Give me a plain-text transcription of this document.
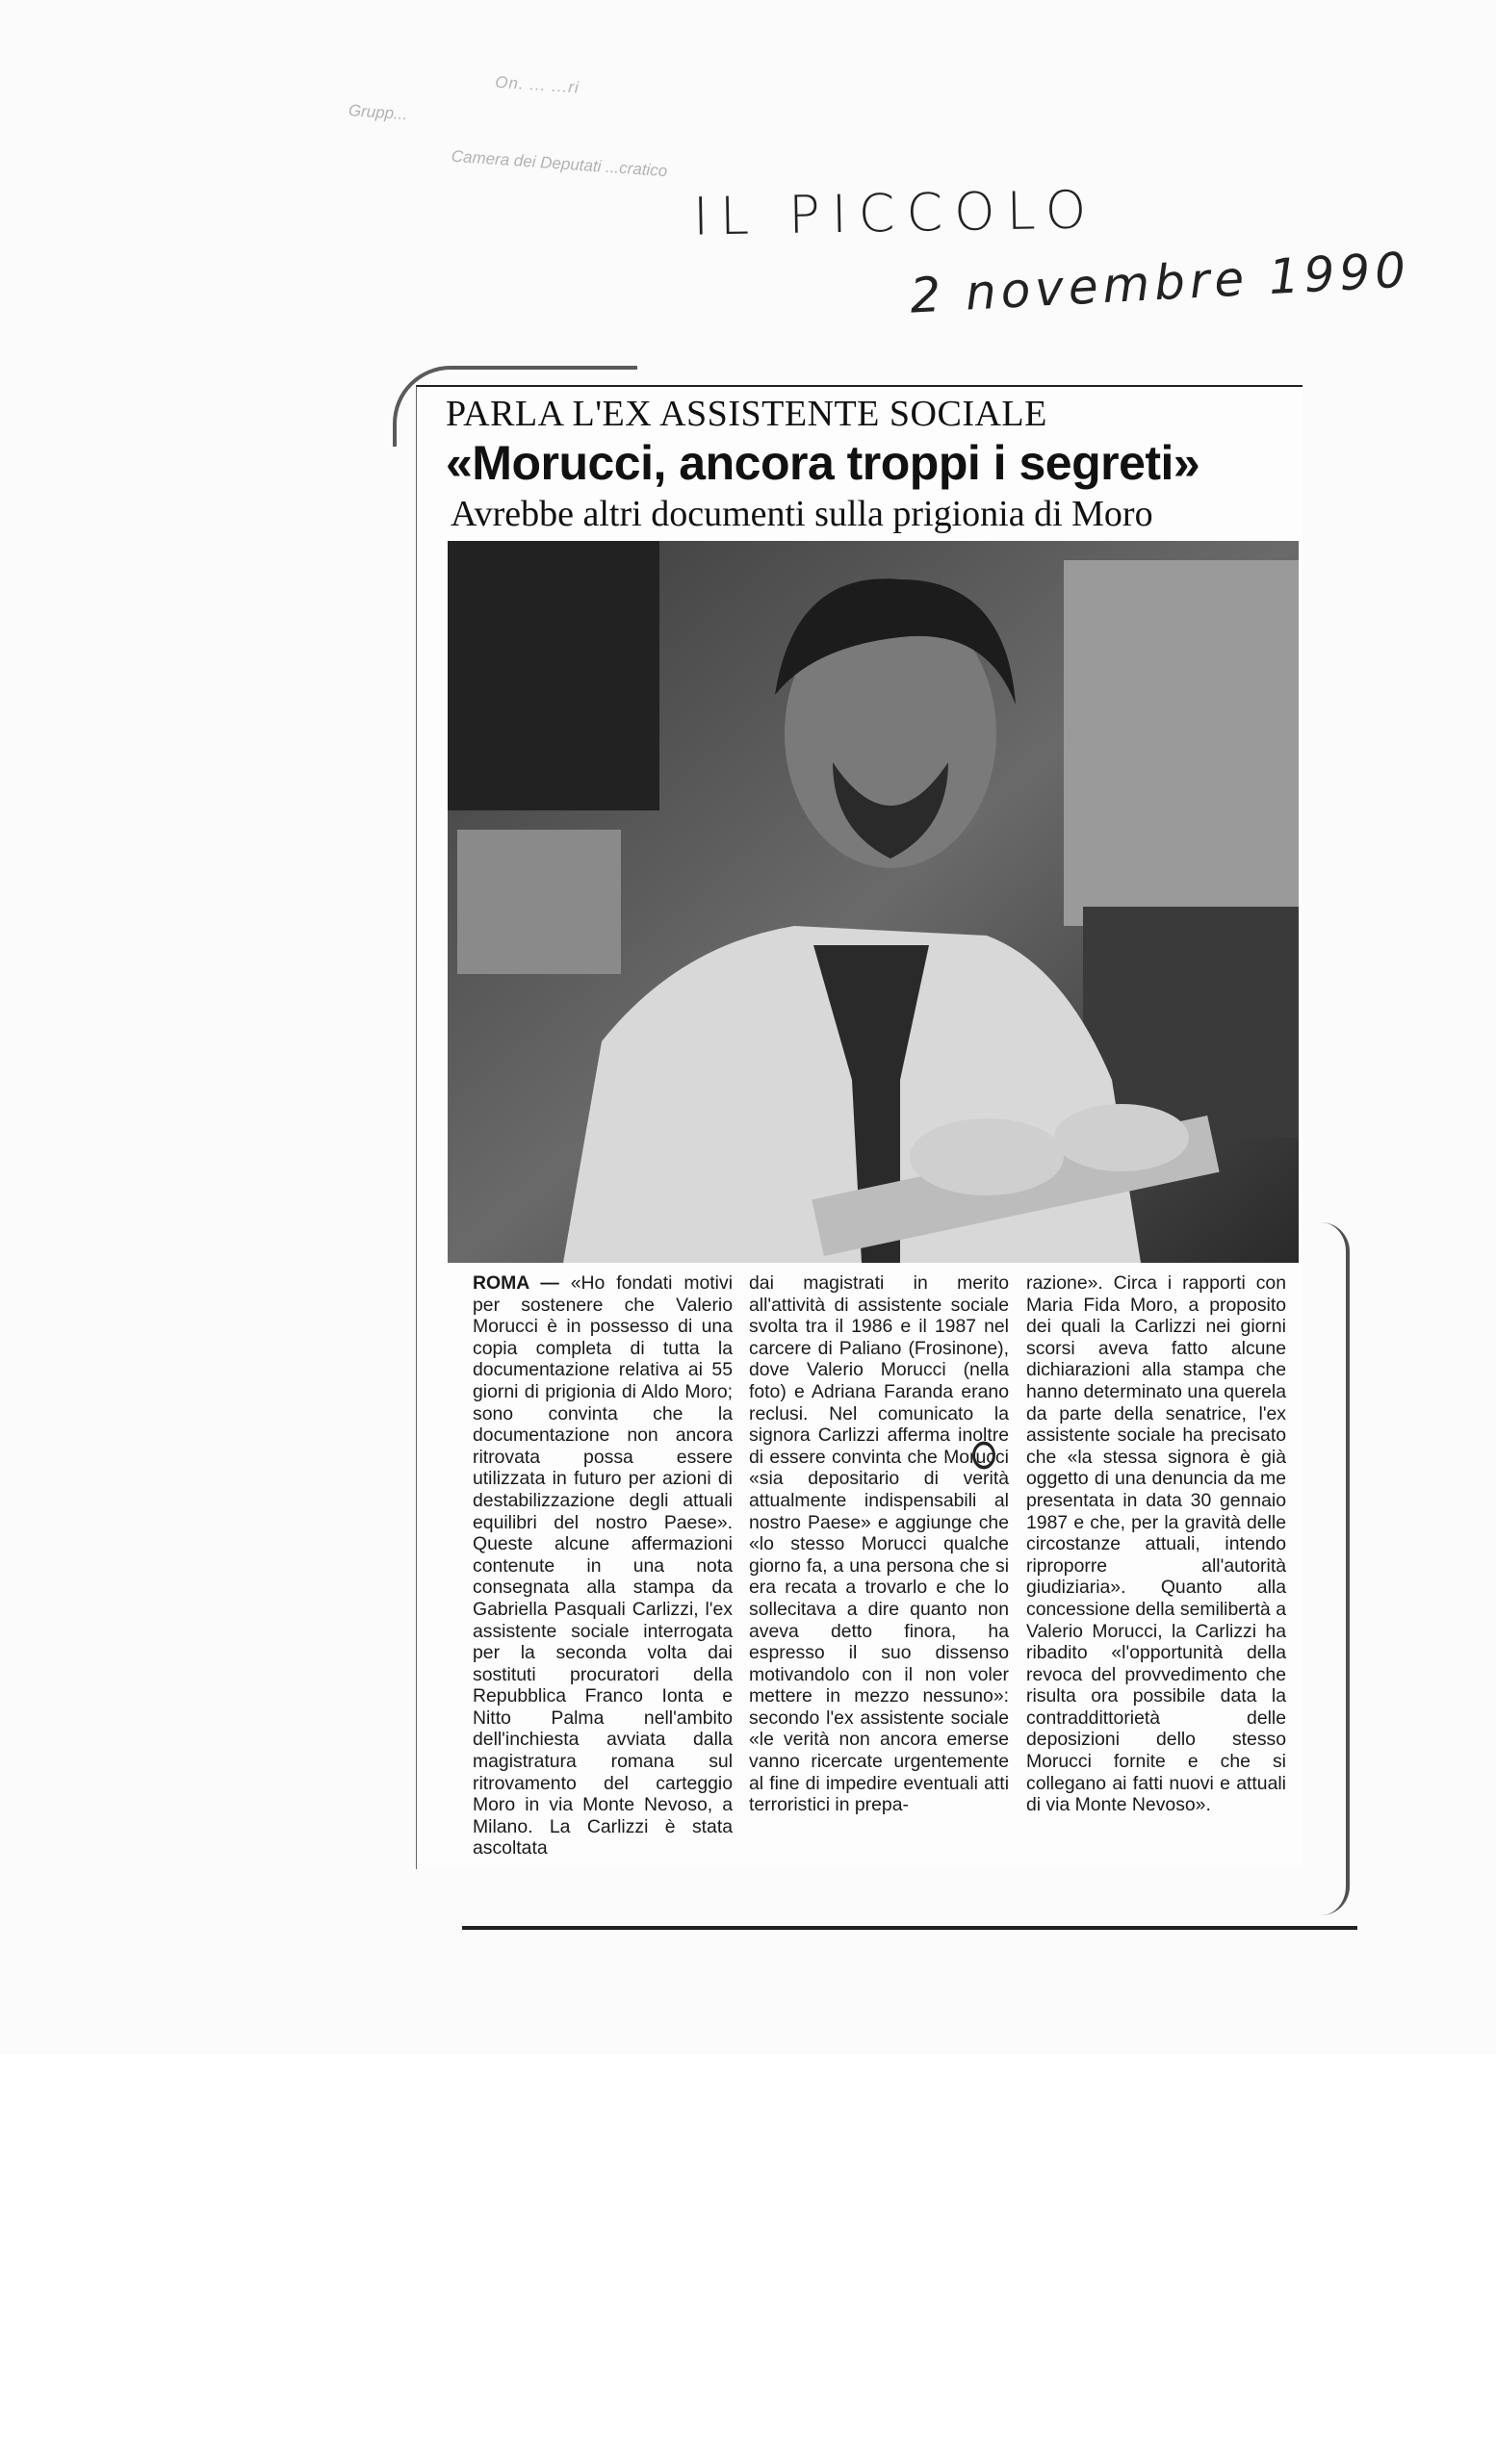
On. ... ...ri
Grupp...
Camera dei Deputati ...cratico
IL PICCOLO
2 novembre 1990
PARLA L'EX ASSISTENTE SOCIALE
«Morucci, ancora troppi i segreti»
Avrebbe altri documenti sulla prigionia di Moro

ROMA — «Ho fondati motivi per sostenere che Valerio Morucci è in possesso di una copia completa di tutta la documentazione relativa ai 55 giorni di prigionia di Aldo Moro; sono convinta che la documentazione non ancora ritrovata possa essere utilizzata in futuro per azioni di destabilizzazione degli attuali equilibri del nostro Paese». Queste alcune affermazioni contenute in una nota consegnata alla stampa da Gabriella Pasquali Carlizzi, l'ex assistente sociale interrogata per la seconda volta dai sostituti procuratori della Repubblica Franco Ionta e Nitto Palma nell'ambito dell'inchiesta avviata dalla magistratura romana sul ritrovamento del carteggio Moro in via Monte Nevoso, a Milano. La Carlizzi è stata ascoltata

dai magistrati in merito all'attività di assistente sociale svolta tra il 1986 e il 1987 nel carcere di Paliano (Frosinone), dove Valerio Morucci (nella foto) e Adriana Faranda erano reclusi. Nel comunicato la signora Carlizzi afferma inoltre di essere convinta che Morucci «sia depositario di verità attualmente indispensabili al nostro Paese» e aggiunge che «lo stesso Morucci qualche giorno fa, a una persona che si era recata a trovarlo e che lo sollecitava a dire quanto non aveva detto finora, ha espresso il suo dissenso motivandolo con il non voler mettere in mezzo nessuno»: secondo l'ex assistente sociale «le verità non ancora emerse vanno ricercate urgentemente al fine di impedire eventuali atti terroristici in prepa-

razione». Circa i rapporti con Maria Fida Moro, a proposito dei quali la Carlizzi nei giorni scorsi aveva fatto alcune dichiarazioni alla stampa che hanno determinato una querela da parte della senatrice, l'ex assistente sociale ha precisato che «la stessa signora è già oggetto di una denuncia da me presentata in data 30 gennaio 1987 e che, per la gravità delle circostanze attuali, intendo riproporre all'autorità giudiziaria». Quanto alla concessione della semilibertà a Valerio Morucci, la Carlizzi ha ribadito «l'opportunità della revoca del provvedimento che risulta ora possibile data la contraddittorietà delle deposizioni dello stesso Morucci fornite e che si collegano ai fatti nuovi e attuali di via Monte Nevoso».
